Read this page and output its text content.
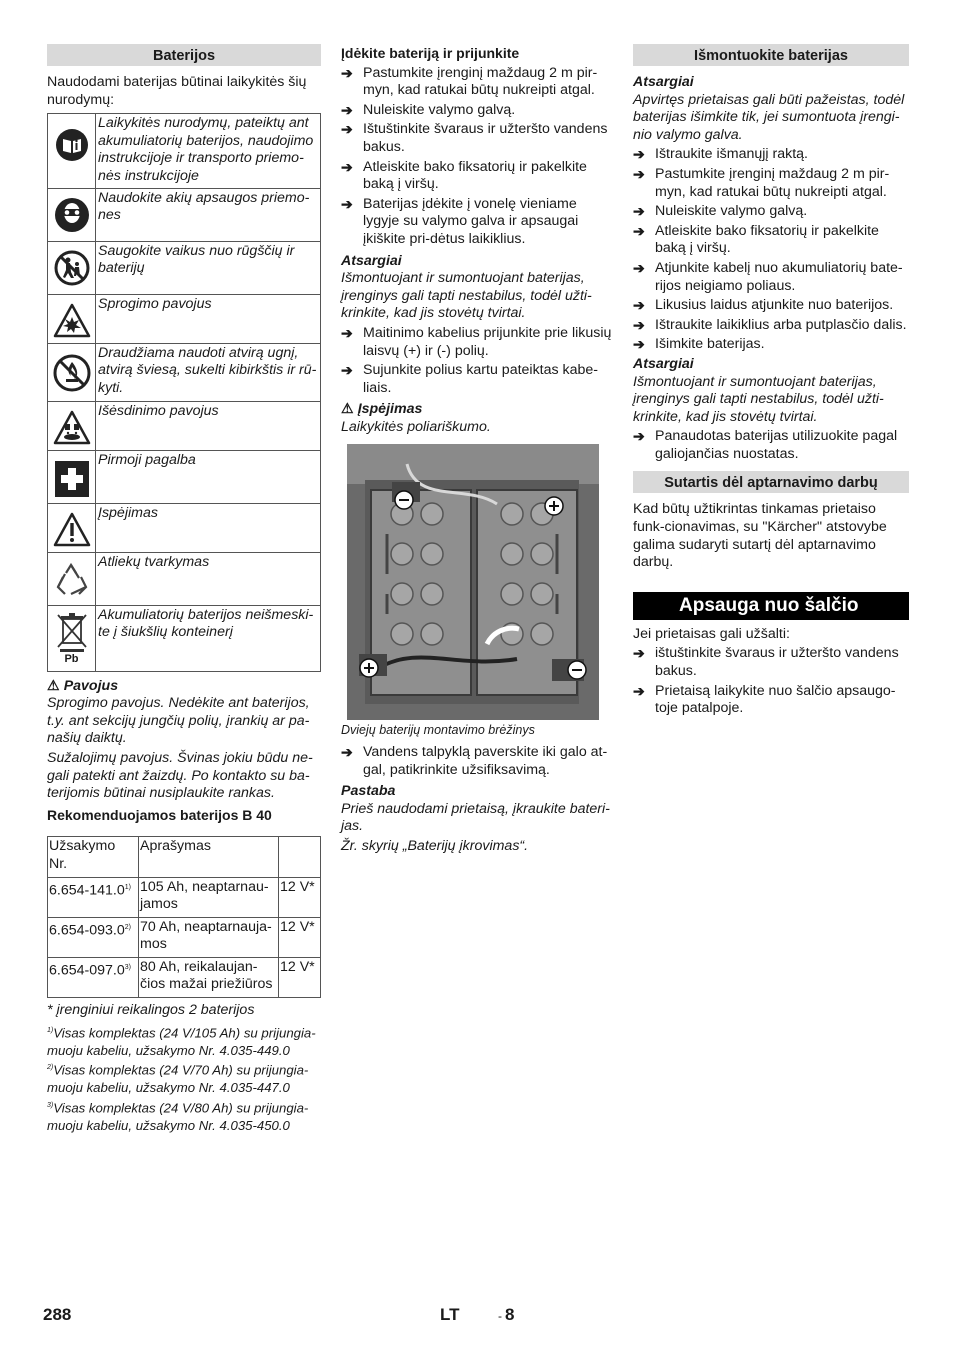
Baterijos

Naudodami baterijas būtinai laikykitės šių nurodymų:

	Laikykitės nurodymų, pateiktų ant akumuliatorių baterijos, naudojimo instrukcijoje ir transporto priemo-nės instrukcijoje

	Naudokite akių apsaugos priemo-nes

	Saugokite vaikus nuo rūgščių ir baterijų

	Sprogimo pavojus

	Draudžiama naudoti atvirą ugnį, atvirą šviesą, sukelti kibirkštis ir rū-kyti.

	Išėsdinimo pavojus

	Pirmoji pagalba

	Įspėjimas

	Atliekų tvarkymas

Pb	Akumuliatorių baterijos neišmeski-te į šiukšlių konteinerį
⚠ Pavojus

Sprogimo pavojus. Nedėkite ant baterijos, t.y. ant sekcijų jungčių polių, įrankių ar pa-našių daiktų.

Sužalojimų pavojus. Švinas jokiu būdu ne-gali patekti ant žaizdų. Po kontakto su ba-terijomis būtinai nusiplaukite rankas.

Rekomenduojamos baterijos B 40
Užsakymo Nr.	Aprašymas	
6.654-141.0$^{1)}$	105 Ah, neaptarnau-jamos	12 V*
6.654-093.0$^{2)}$	70 Ah, neaptarnauja-mos	12 V*
6.654-097.0$^{3)}$	80 Ah, reikalaujan-čios mažai priežiūros	12 V*

* įrenginiui reikalingos 2 baterijos

$^{1)}$Visas komplektas (24 V/105 Ah) su prijungia-muoju kabeliu, užsakymo Nr. 4.035-449.0
$^{2)}$Visas komplektas (24 V/70 Ah) su prijungia-muoju kabeliu, užsakymo Nr. 4.035-447.0
$^{3)}$Visas komplektas (24 V/80 Ah) su prijungia-muoju kabeliu, užsakymo Nr. 4.035-450.0
Įdėkite bateriją ir prijunkite
➔ Pastumkite įrenginį maždaug 2 m pir-myn, kad ratukai būtų nukreipti atgal.
➔ Nuleiskite valymo galvą.
➔ Ištuštinkite švaraus ir užteršto vandens bakus.
➔ Atleiskite bako fiksatorių ir pakelkite baką į viršų.
➔ Baterijas įdėkite į vonelę vieniame lygyje su valymo galva ir apsaugai įkiškite pri-dėtus laikiklius.
Atsargiai

Išmontuojant ir sumontuojant baterijas, įrenginys gali tapti nestabilus, todėl užti-krinkite, kad jis stovėtų tvirtai.

➔ Maitinimo kabelius prijunkite prie likusių laisvų (+) ir (-) polių.
➔ Sujunkite polius kartu pateiktas kabe-liais.
⚠ Įspėjimas

Laikykitės poliariškumo.

Dviejų baterijų montavimo brėžinys
➔ Vandens talpyklą paverskite iki galo at-gal, patikrinkite užsifiksavimą.
Pastaba

Prieš naudodami prietaisą, įkraukite bateri-jas.

Žr. skyrių „Baterijų įkrovimas“.

Išmontuokite baterijas
Atsargiai

Apvirtęs prietaisas gali būti pažeistas, todėl baterijas išimkite tik, jei sumontuota įrengi-nio valymo galva.

➔ Ištraukite išmanųjį raktą.
➔ Pastumkite įrenginį maždaug 2 m pir-myn, kad ratukai būtų nukreipti atgal.
➔ Nuleiskite valymo galvą.
➔ Atleiskite bako fiksatorių ir pakelkite baką į viršų.
➔ Atjunkite kabelį nuo akumuliatorių bate-rijos neigiamo poliaus.
➔ Likusius laidus atjunkite nuo baterijos.
➔ Ištraukite laikiklius arba putplasčio dalis.
➔ Išimkite baterijas.
Atsargiai

Išmontuojant ir sumontuojant baterijas, įrenginys gali tapti nestabilus, todėl užti-krinkite, kad jis stovėtų tvirtai.

➔ Panaudotas baterijas utilizuokite pagal galiojančias nuostatas.
Sutartis dėl aptarnavimo darbų

Kad būtų užtikrintas tinkamas prietaiso funk-cionavimas, su "Kärcher" atstovybe galima sudaryti sutartį dėl aptarnavimo darbų.

Apsauga nuo šalčio

Jei prietaisas gali užšalti:

➔ ištuštinkite švaraus ir užteršto vandens bakus.
➔ Prietaisą laikykite nuo šalčio apsaugo-toje patalpoje.
288	LT	- 8
